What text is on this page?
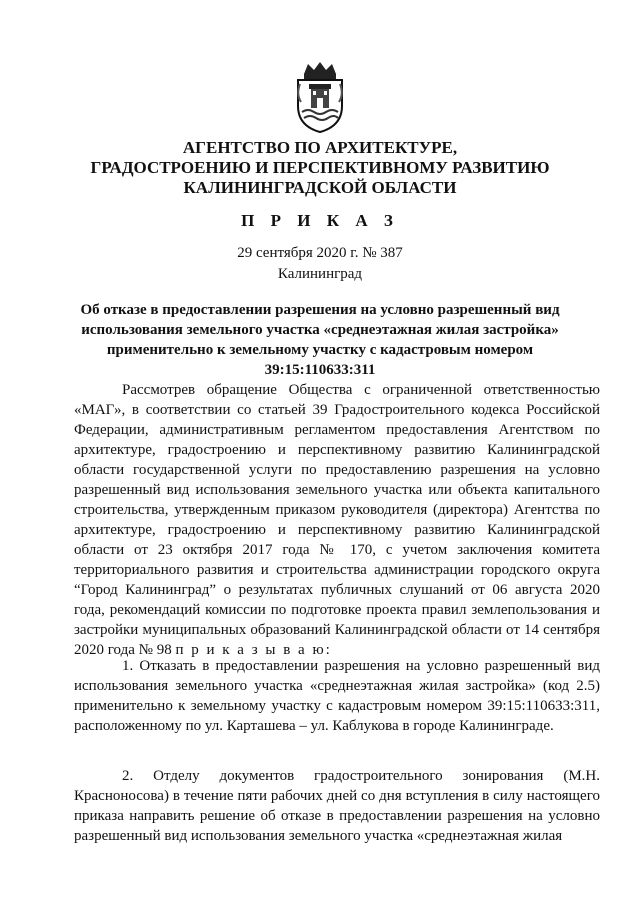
АГЕНТСТВО ПО АРХИТЕКТУРЕ,
ГРАДОСТРОЕНИЮ И ПЕРСПЕКТИВНОМУ РАЗВИТИЮ
КАЛИНИНГРАДСКОЙ ОБЛАСТИ
П Р И К А З
29 сентября 2020 г. № 387
Калининград
Об отказе в предоставлении разрешения на условно разрешенный вид
использования земельного участка «среднеэтажная жилая застройка»
применительно к земельному участку с кадастровым номером
39:15:110633:311

Рассмотрев обращение Общества с ограниченной ответственностью «МАГ», в соответствии со статьей 39 Градостроительного кодекса Российской Федерации, административным регламентом предоставления Агентством по архитектуре, градостроению и перспективному развитию Калининградской области государственной услуги по предоставлению разрешения на условно разрешенный вид использования земельного участка или объекта капитального строительства, утвержденным приказом руководителя (директора) Агентства по архитектуре, градостроению и перспективному развитию Калининградской области от 23 октября 2017 года № 170, с учетом заключения комитета территориального развития и строительства администрации городского округа “Город Калининград” о результатах публичных слушаний от 06 августа 2020 года, рекомендаций комиссии по подготовке проекта правил землепользования и застройки муниципальных образований Калининградской области от 14 сентября 2020 года № 98 п р и к а з ы в а ю:

1. Отказать в предоставлении разрешения на условно разрешенный вид использования земельного участка «среднеэтажная жилая застройка» (код 2.5) применительно к земельному участку с кадастровым номером 39:15:110633:311, расположенному по ул. Карташева – ул. Каблукова в городе Калининграде.

2. Отделу документов градостроительного зонирования (М.Н. Красноносова) в течение пяти рабочих дней со дня вступления в силу настоящего приказа направить решение об отказе в предоставлении разрешения на условно разрешенный вид использования земельного участка «среднеэтажная жилая
